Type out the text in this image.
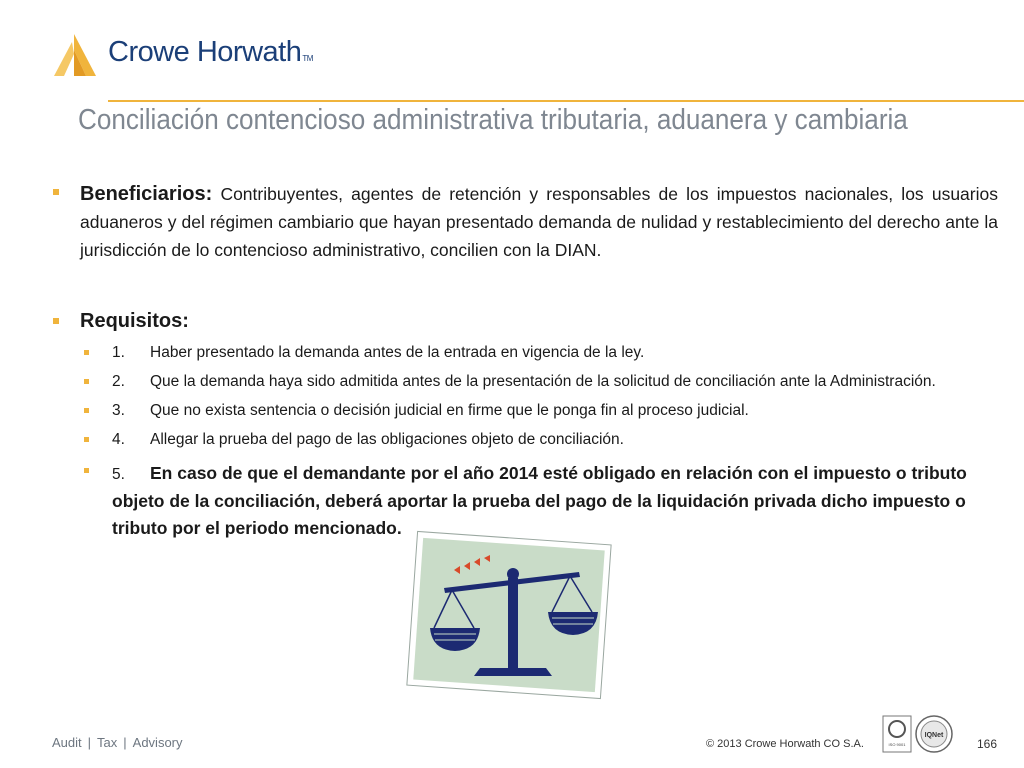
Crowe HorwathTM
Conciliación contencioso administrativa tributaria, aduanera y cambiaria
Beneficiarios: Contribuyentes, agentes de retención y responsables de los impuestos nacionales, los usuarios aduaneros y del régimen cambiario que hayan presentado demanda de nulidad y restablecimiento del derecho ante la jurisdicción de lo contencioso administrativo, concilien con la DIAN.
Requisitos:
1. Haber presentado la demanda antes de la entrada en vigencia de la ley.
2. Que la demanda haya sido admitida antes de la presentación de la solicitud de conciliación ante la Administración.
3. Que no exista sentencia o decisión judicial en firme que le ponga fin al proceso judicial.
4. Allegar la prueba del pago de las obligaciones objeto de conciliación.
5. En caso de que el demandante por el año 2014 esté obligado en relación con el impuesto o tributo objeto de la conciliación, deberá aportar la prueba del pago de la liquidación privada dicho impuesto o tributo por el periodo mencionado.
Audit | Tax | Advisory	© 2013 Crowe Horwath CO S.A.	ISO 9001
IQNet
166
